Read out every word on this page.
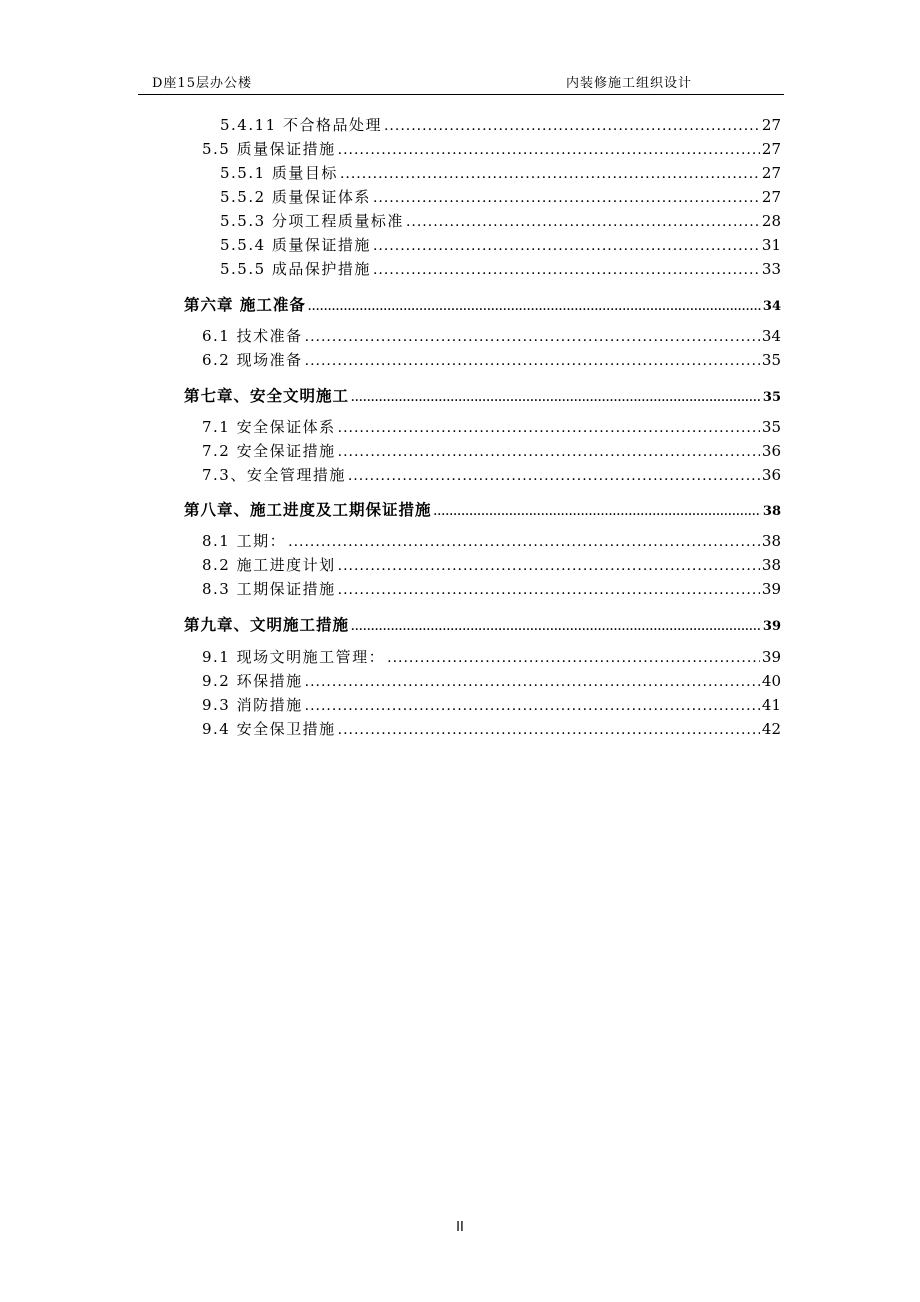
D座15层办公楼	内装修施工组织设计
5.4.11 不合格品处理 .....	27
5.5 质量保证措施 .....	27
5.5.1 质量目标 .....	27
5.5.2 质量保证体系 .....	27
5.5.3 分项工程质量标准 .....	28
5.5.4 质量保证措施 .....	31
5.5.5 成品保护措施 .....	33
第六章 施工准备 .....	34
6.1 技术准备 .....	34
6.2 现场准备 .....	35
第七章、安全文明施工 .....	35
7.1 安全保证体系 .....	35
7.2 安全保证措施 .....	36
7.3、安全管理措施 .....	36
第八章、施工进度及工期保证措施 .....	38
8.1 工期： .....	38
8.2 施工进度计划 .....	38
8.3 工期保证措施 .....	39
第九章、文明施工措施 .....	39
9.1 现场文明施工管理： .....	39
9.2 环保措施 .....	40
9.3 消防措施 .....	41
9.4 安全保卫措施 .....	42
II
